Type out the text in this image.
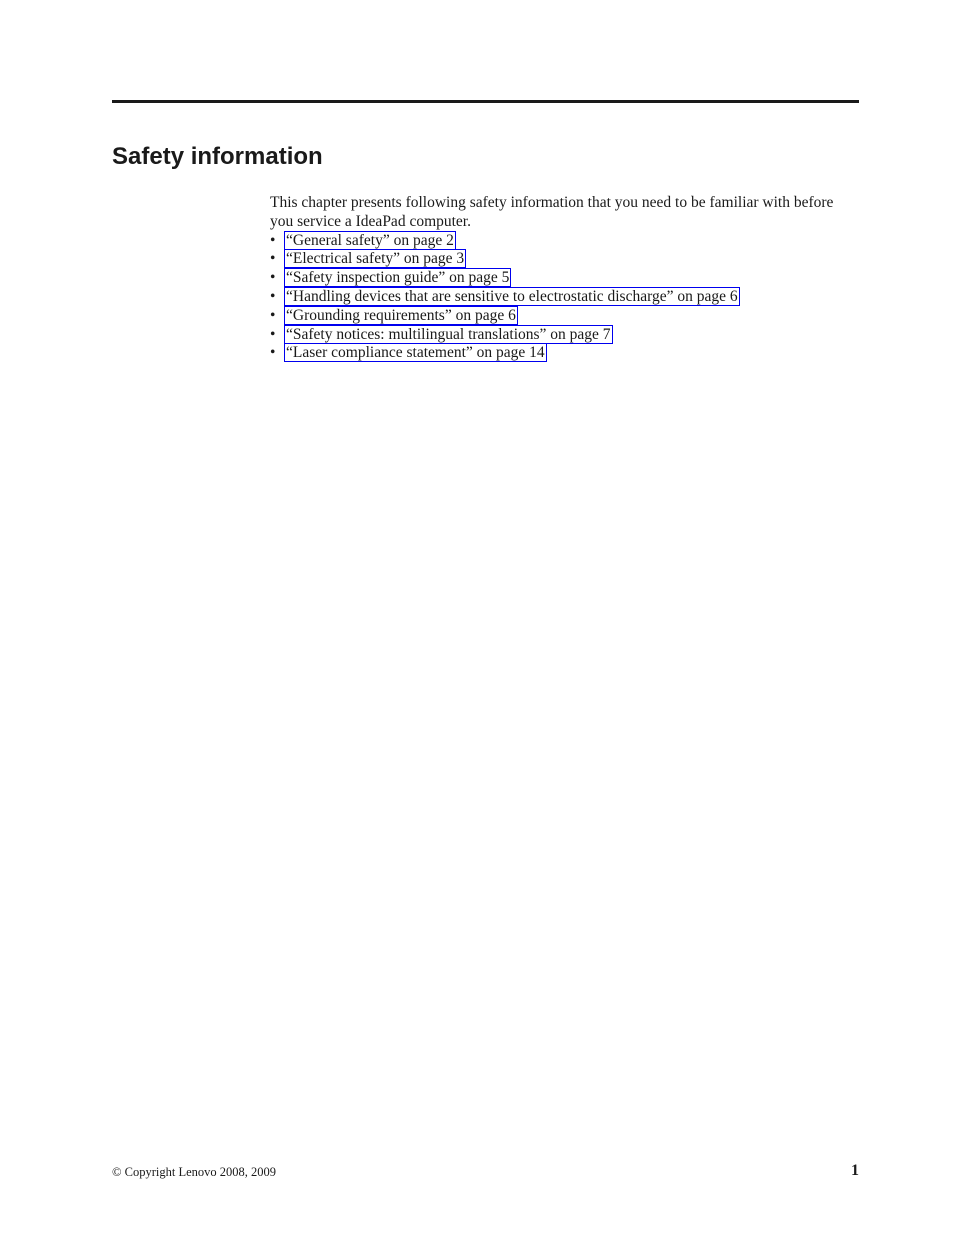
Safety information

This chapter presents following safety information that you need to be familiar with before you service a IdeaPad computer.

• “General safety” on page 2
• “Electrical safety” on page 3
• “Safety inspection guide” on page 5
• “Handling devices that are sensitive to electrostatic discharge” on page 6
• “Grounding requirements” on page 6
• “Safety notices: multilingual translations” on page 7
• “Laser compliance statement” on page 14
© Copyright Lenovo 2008, 2009	1
